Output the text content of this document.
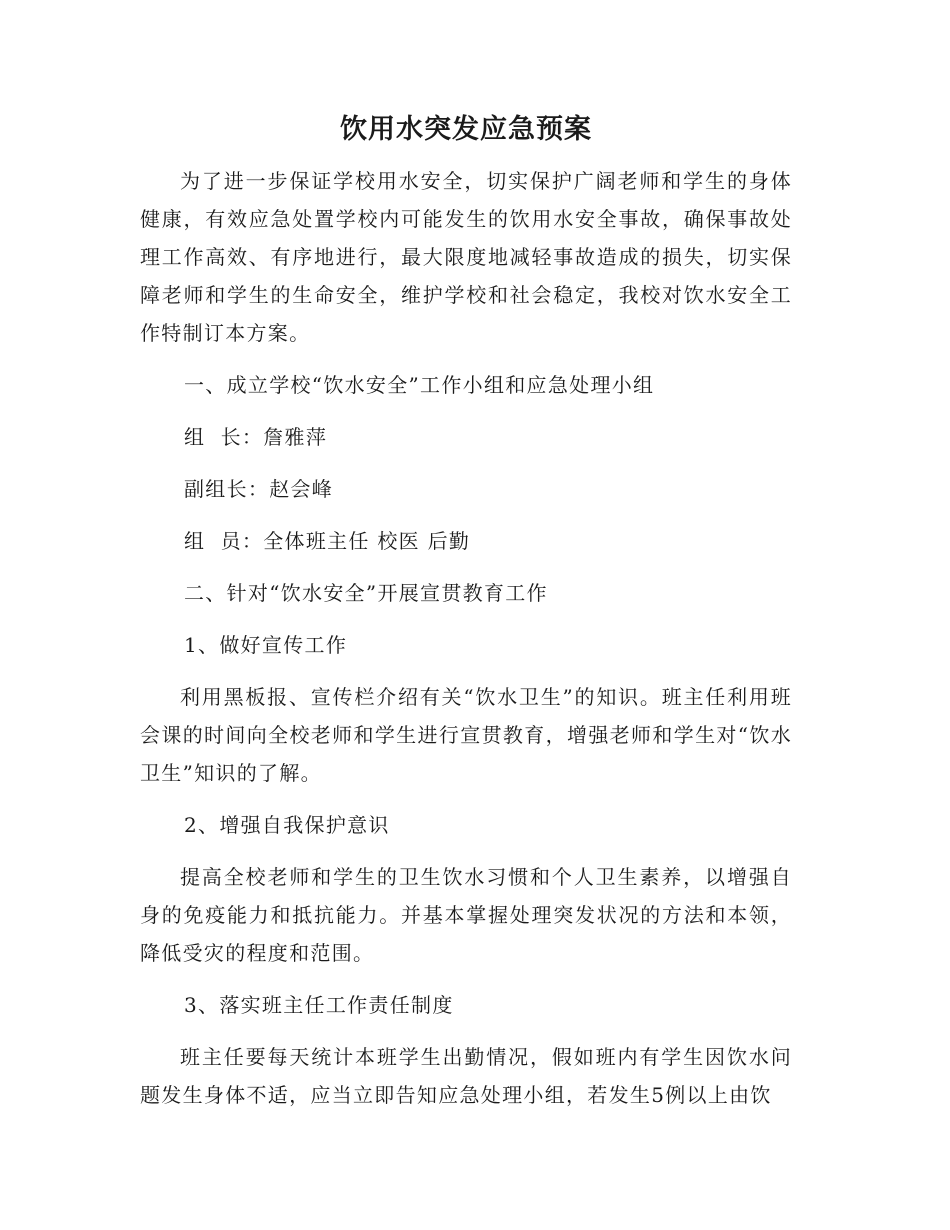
饮用水突发应急预案

为了进一步保证学校用水安全，切实保护广阔老师和学生的身体健康，有效应急处置学校内可能发生的饮用水安全事故，确保事故处理工作高效、有序地进行，最大限度地减轻事故造成的损失，切实保障老师和学生的生命安全，维护学校和社会稳定，我校对饮水安全工作特制订本方案。

一、成立学校“饮水安全”工作小组和应急处理小组

组  长：詹雅萍

副组长：赵会峰

组  员：全体班主任 校医 后勤

二、针对“饮水安全”开展宣贯教育工作

1、做好宣传工作

利用黑板报、宣传栏介绍有关“饮水卫生”的知识。班主任利用班会课的时间向全校老师和学生进行宣贯教育，增强老师和学生对“饮水卫生”知识的了解。

2、增强自我保护意识

提高全校老师和学生的卫生饮水习惯和个人卫生素养，以增强自身的免疫能力和抵抗能力。并基本掌握处理突发状况的方法和本领，降低受灾的程度和范围。

3、落实班主任工作责任制度

班主任要每天统计本班学生出勤情况，假如班内有学生因饮水问题发生身体不适，应当立即告知应急处理小组，若发生5例以上由饮
